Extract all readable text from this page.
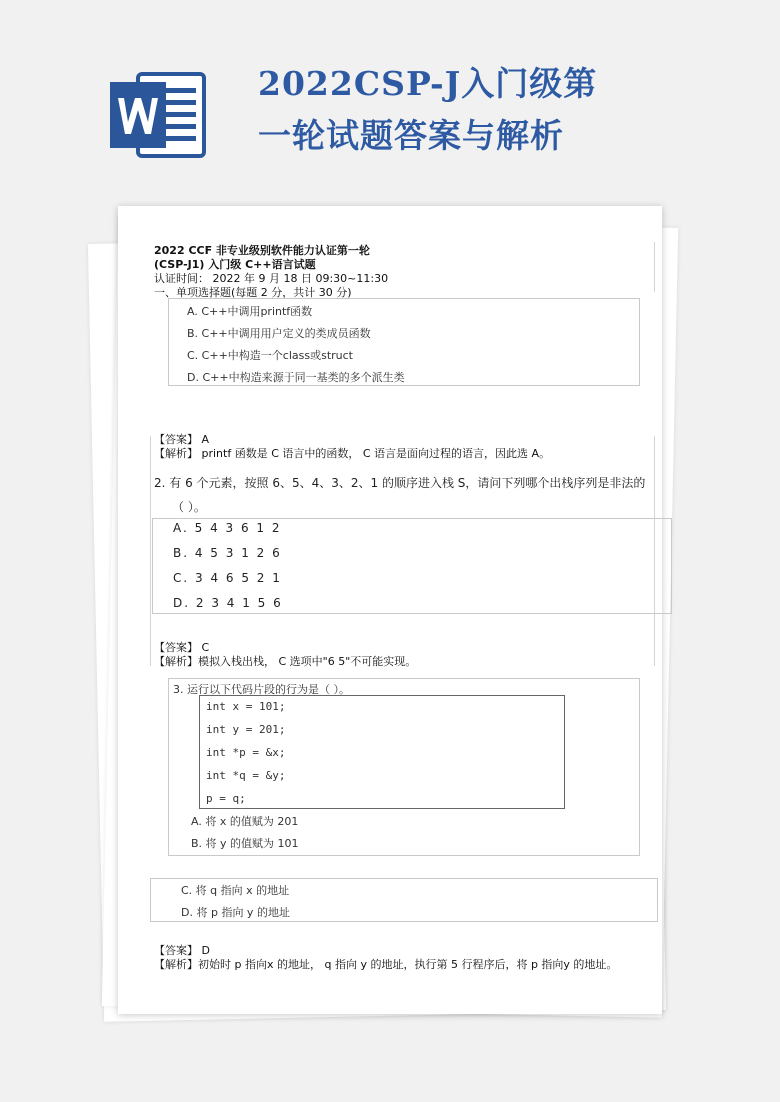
2022CSP-J入门级第
一轮试题答案与解析
2022 CCF 非专业级别软件能力认证第一轮
(CSP-J1) 入门级 C++语言试题
认证时间： 2022 年 9 月 18 日 09:30~11:30
一、单项选择题(每题 2 分，共计 30 分)
A. C++中调用printf函数
B. C++中调用用户定义的类成员函数
C. C++中构造一个class或struct
D. C++中构造来源于同一基类的多个派生类
【答案】 A
【解析】 printf 函数是 C 语言中的函数， C 语言是面向过程的语言，因此选 A。
2. 有 6 个元素，按照 6、5、4、3、2、1 的顺序进入栈 S，请问下列哪个出栈序列是非法的
（ ）。
A. 5 4 3 6 1 2
B. 4 5 3 1 2 6
C. 3 4 6 5 2 1
D. 2 3 4 1 5 6
【答案】 C
【解析】模拟入栈出栈， C 选项中"6 5"不可能实现。
3. 运行以下代码片段的行为是（ ）。
int x = 101;
int y = 201;
int *p = &x;
int *q = &y;
p = q;
A. 将 x 的值赋为 201
B. 将 y 的值赋为 101
C. 将 q 指向 x 的地址
D. 将 p 指向 y 的地址
【答案】 D
【解析】初始时 p 指向x 的地址， q 指向 y 的地址，执行第 5 行程序后，将 p 指向y 的地址。
